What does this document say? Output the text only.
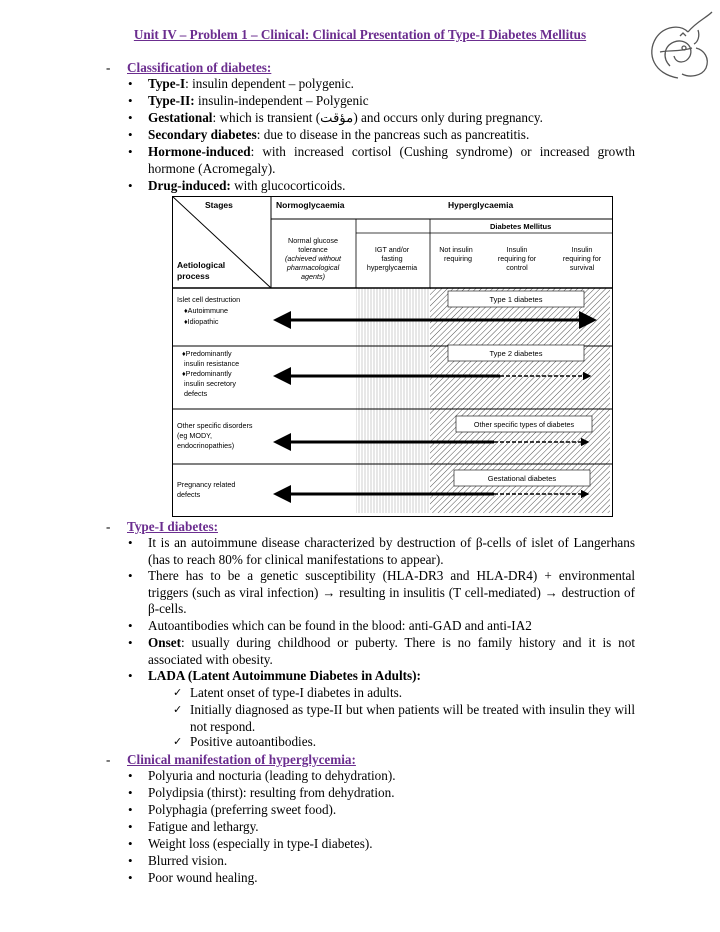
Unit IV – Problem 1 – Clinical: Clinical Presentation of Type-I Diabetes Mellitus
- Classification of diabetes:
• Type-I: insulin dependent – polygenic.
• Type-II: insulin-independent – Polygenic
• Gestational: which is transient (مؤقت) and occurs only during pregnancy.
• Secondary diabetes: due to disease in the pancreas such as pancreatitis.
• Hormone-induced: with increased cortisol (Cushing syndrome) or increased growth hormone (Acromegaly).
• Drug-induced: with glucocorticoids.
Stages	Normoglycaemia	Hyperglycaemia
Diabetes Mellitus
Aetiological
process
Normal glucose
tolerance
(achieved without
pharmacological
agents)
IGT and/or
fasting
hyperglycaemia
Not insulin
requiring
Insulin
requiring for
control
Insulin
requiring for
survival
Islet cell destruction
♦Autoimmune
♦Idiopathic
♦Predominantly
insulin resistance
♦Predominantly
insulin secretory
defects
Other specific disorders
(eg MODY,
endocrinopathies)
Pregnancy related
defects
Type 1 diabetes
Type 2 diabetes
Other specific types of diabetes
Gestational diabetes
- Type-I diabetes:
• It is an autoimmune disease characterized by destruction of β-cells of islet of Langerhans (has to reach 80% for clinical manifestations to appear).
• There has to be a genetic susceptibility (HLA-DR3 and HLA-DR4) + environmental triggers (such as viral infection) → resulting in insulitis (T cell-mediated) → destruction of β-cells.
• Autoantibodies which can be found in the blood: anti-GAD and anti-IA2
• Onset: usually during childhood or puberty. There is no family history and it is not associated with obesity.
• LADA (Latent Autoimmune Diabetes in Adults):
✓ Latent onset of type-I diabetes in adults.
✓ Initially diagnosed as type-II but when patients will be treated with insulin they will not respond.
✓ Positive autoantibodies.
- Clinical manifestation of hyperglycemia:
• Polyuria and nocturia (leading to dehydration).
• Polydipsia (thirst): resulting from dehydration.
• Polyphagia (preferring sweet food).
• Fatigue and lethargy.
• Weight loss (especially in type-I diabetes).
• Blurred vision.
• Poor wound healing.
